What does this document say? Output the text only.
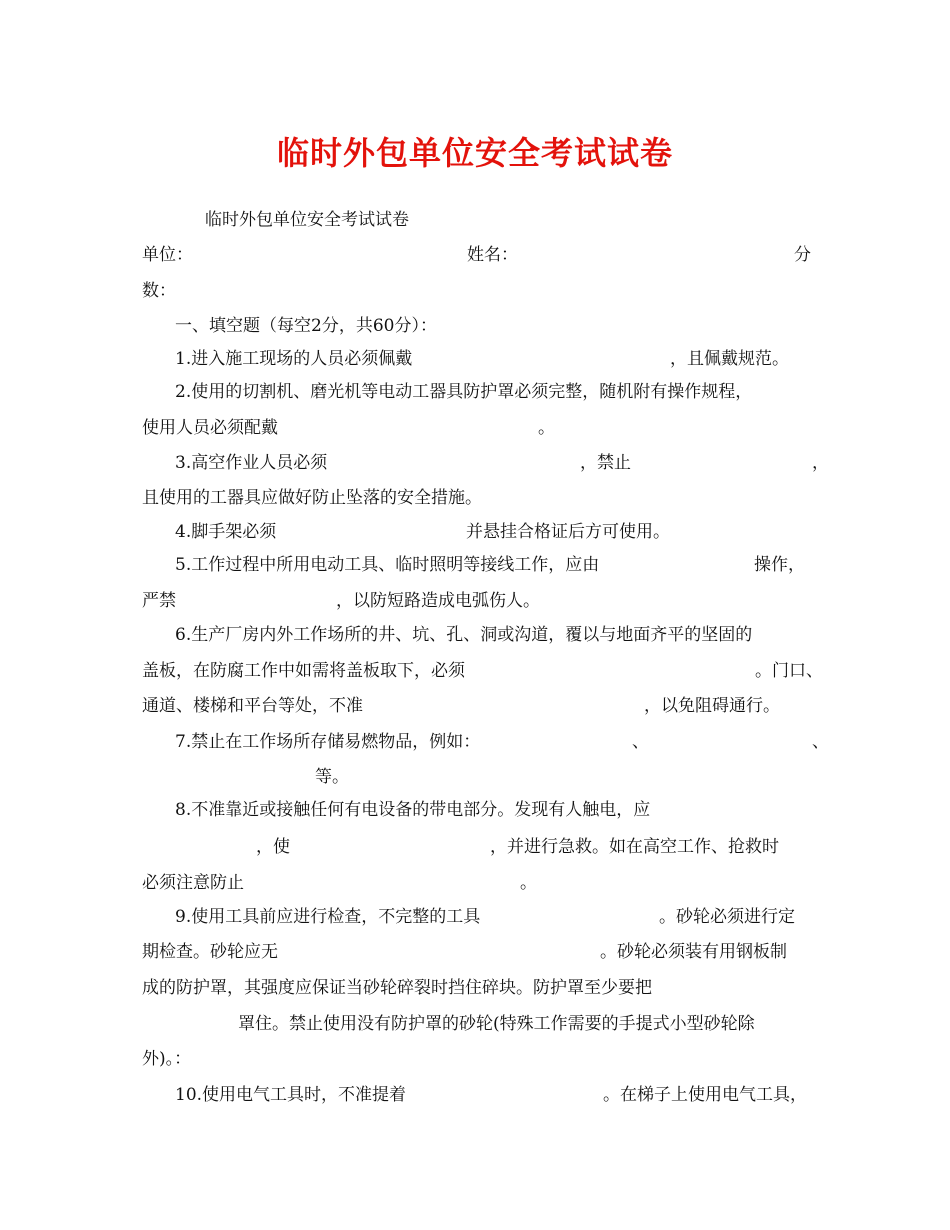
临时外包单位安全考试试卷
临时外包单位安全考试试卷
单位：	姓名：	分
数：
一、填空题（每空2分，共60分）：
1.进入施工现场的人员必须佩戴	，且佩戴规范。
2.使用的切割机、磨光机等电动工器具防护罩必须完整，随机附有操作规程，
使用人员必须配戴	。
3.高空作业人员必须	，禁止	，
且使用的工器具应做好防止坠落的安全措施。
4.脚手架必须	并悬挂合格证后方可使用。
5.工作过程中所用电动工具、临时照明等接线工作，应由	操作，
严禁	，以防短路造成电弧伤人。
6.生产厂房内外工作场所的井、坑、孔、洞或沟道，覆以与地面齐平的坚固的
盖板，在防腐工作中如需将盖板取下，必须	。门口、
通道、楼梯和平台等处，不准	，以免阻碍通行。
7.禁止在工作场所存储易燃物品，例如：	、	、
等。
8.不准靠近或接触任何有电设备的带电部分。发现有人触电，应
，使	，并进行急救。如在高空工作、抢救时
必须注意防止	。
9.使用工具前应进行检查，不完整的工具	。砂轮必须进行定
期检查。砂轮应无	。砂轮必须装有用钢板制
成的防护罩，其强度应保证当砂轮碎裂时挡住碎块。防护罩至少要把
罩住。禁止使用没有防护罩的砂轮(特殊工作需要的手提式小型砂轮除
外)。：
10.使用电气工具时，不准提着	。在梯子上使用电气工具，
